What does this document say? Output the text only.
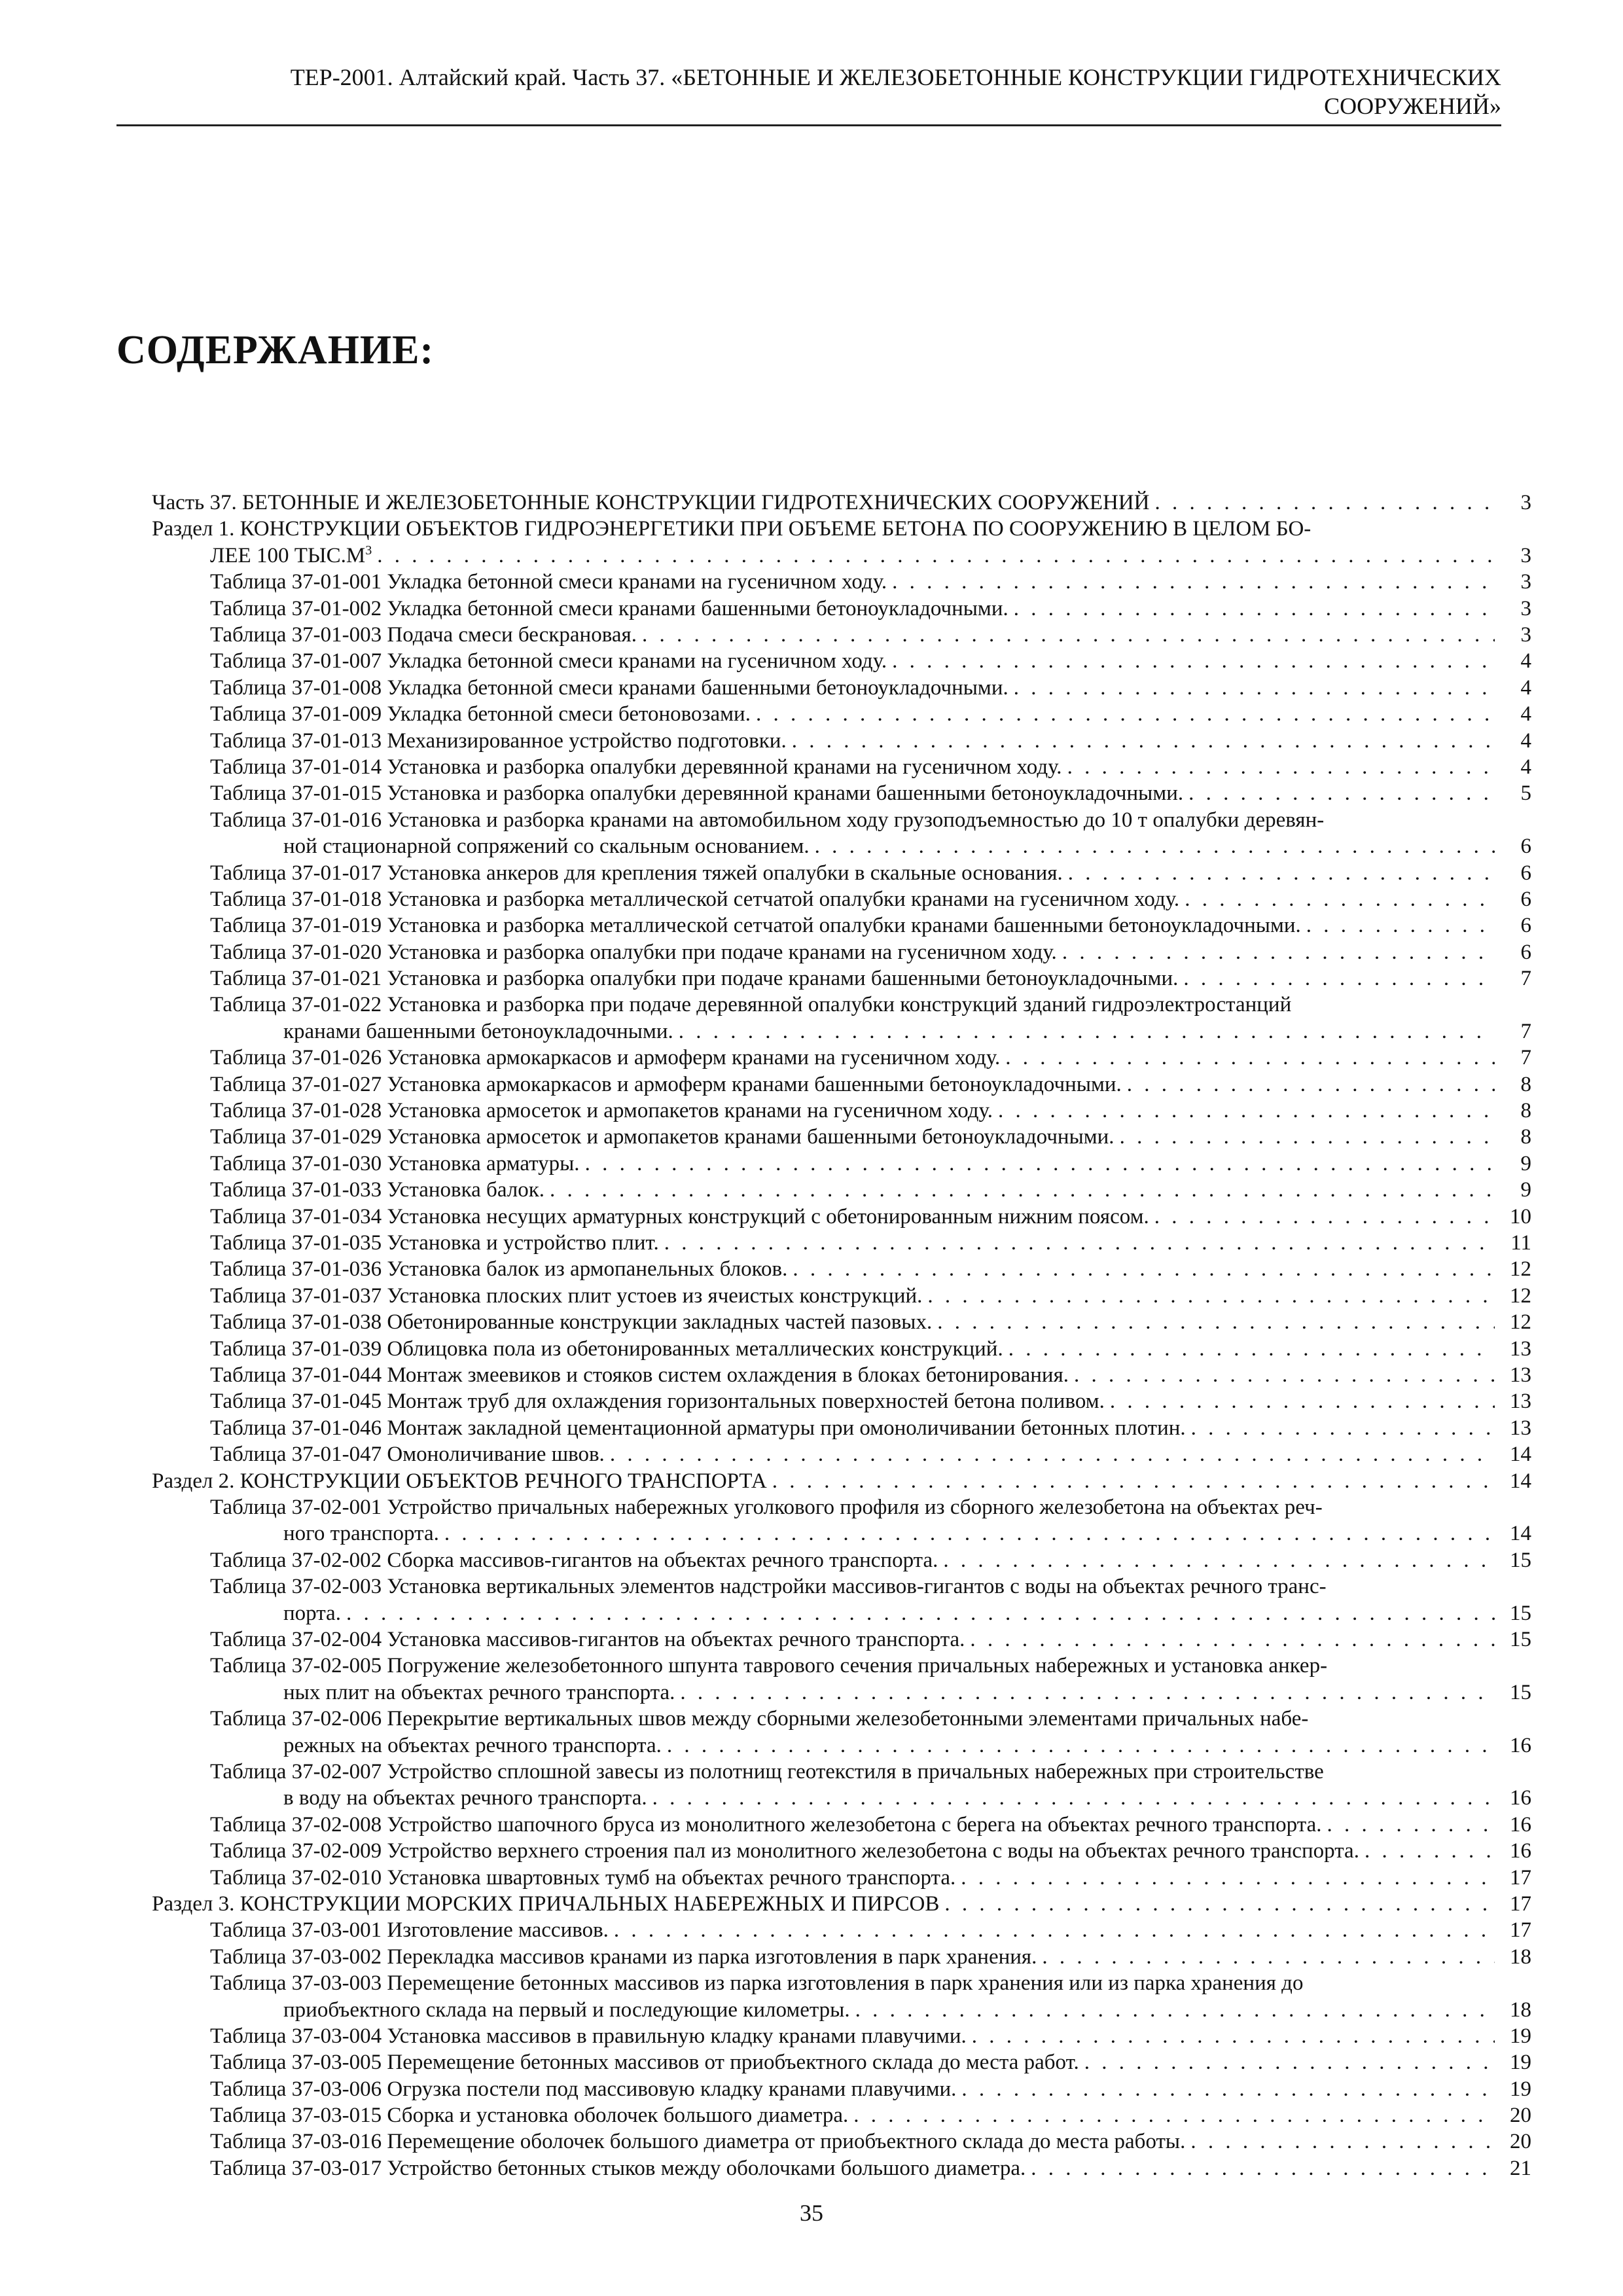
ТЕР-2001. Алтайский край. Часть 37. «БЕТОННЫЕ И ЖЕЛЕЗОБЕТОННЫЕ КОНСТРУКЦИИ ГИДРОТЕХНИЧЕСКИХ
СООРУЖЕНИЙ»
СОДЕРЖАНИЕ:
Часть 37. БЕТОННЫЕ И ЖЕЛЕЗОБЕТОННЫЕ КОНСТРУКЦИИ ГИДРОТЕХНИЧЕСКИХ СООРУЖЕНИЙ . . .	3
Раздел 1. КОНСТРУКЦИИ ОБЪЕКТОВ ГИДРОЭНЕРГЕТИКИ ПРИ ОБЪЕМЕ БЕТОНА ПО СООРУЖЕНИЮ В ЦЕЛОМ БО-
ЛЕЕ 100 $ТЫС.М^3$ . . .	3
Таблица 37-01-001 Укладка бетонной смеси кранами на гусеничном ходу. . . .	3
Таблица 37-01-002 Укладка бетонной смеси кранами башенными бетоноукладочными. . . .	3
Таблица 37-01-003 Подача смеси бескрановая. . . .	3
Таблица 37-01-007 Укладка бетонной смеси кранами на гусеничном ходу. . . .	4
Таблица 37-01-008 Укладка бетонной смеси кранами башенными бетоноукладочными. . . .	4
Таблица 37-01-009 Укладка бетонной смеси бетоновозами. . . .	4
Таблица 37-01-013 Механизированное устройство подготовки. . . .	4
Таблица 37-01-014 Установка и разборка опалубки деревянной кранами на гусеничном ходу. . . .	4
Таблица 37-01-015 Установка и разборка опалубки деревянной кранами башенными бетоноукладочными. . . .	5
Таблица 37-01-016 Установка и разборка кранами на автомобильном ходу грузоподъемностью до 10 т опалубки деревян-
ной стационарной сопряжений со скальным основанием. . . .	6
Таблица 37-01-017 Установка анкеров для крепления тяжей опалубки в скальные основания. . . .	6
Таблица 37-01-018 Установка и разборка металлической сетчатой опалубки кранами на гусеничном ходу. . . .	6
Таблица 37-01-019 Установка и разборка металлической сетчатой опалубки кранами башенными бетоноукладочными. . . .	6
Таблица 37-01-020 Установка и разборка опалубки при подаче кранами на гусеничном ходу. . . .	6
Таблица 37-01-021 Установка и разборка опалубки при подаче кранами башенными бетоноукладочными. . . .	7
Таблица 37-01-022 Установка и разборка при подаче деревянной опалубки конструкций зданий гидроэлектростанций
кранами башенными бетоноукладочными. . . .	7
Таблица 37-01-026 Установка армокаркасов и армоферм кранами на гусеничном ходу. . . .	7
Таблица 37-01-027 Установка армокаркасов и армоферм кранами башенными бетоноукладочными. . . .	8
Таблица 37-01-028 Установка армосеток и армопакетов кранами на гусеничном ходу. . . .	8
Таблица 37-01-029 Установка армосеток и армопакетов кранами башенными бетоноукладочными. . . .	8
Таблица 37-01-030 Установка арматуры. . . .	9
Таблица 37-01-033 Установка балок. . . .	9
Таблица 37-01-034 Установка несущих арматурных конструкций с обетонированным нижним поясом. . . .	10
Таблица 37-01-035 Установка и устройство плит. . . .	11
Таблица 37-01-036 Установка балок из армопанельных блоков. . . .	12
Таблица 37-01-037 Установка плоских плит устоев из ячеистых конструкций. . . .	12
Таблица 37-01-038 Обетонированные конструкции закладных частей пазовых. . . .	12
Таблица 37-01-039 Облицовка пола из обетонированных металлических конструкций. . . .	13
Таблица 37-01-044 Монтаж змеевиков и стояков систем охлаждения в блоках бетонирования. . . .	13
Таблица 37-01-045 Монтаж труб для охлаждения горизонтальных поверхностей бетона поливом. . . .	13
Таблица 37-01-046 Монтаж закладной цементационной арматуры при омоноличивании бетонных плотин. . . .	13
Таблица 37-01-047 Омоноличивание швов. . . .	14
Раздел 2. КОНСТРУКЦИИ ОБЪЕКТОВ РЕЧНОГО ТРАНСПОРТА . . .	14
Таблица 37-02-001 Устройство причальных набережных уголкового профиля из сборного железобетона на объектах реч-
ного транспорта. . . .	14
Таблица 37-02-002 Сборка массивов-гигантов на объектах речного транспорта. . . .	15
Таблица 37-02-003 Установка вертикальных элементов надстройки массивов-гигантов с воды на объектах речного транс-
порта. . . .	15
Таблица 37-02-004 Установка массивов-гигантов на объектах речного транспорта. . . .	15
Таблица 37-02-005 Погружение железобетонного шпунта таврового сечения причальных набережных и установка анкер-
ных плит на объектах речного транспорта. . . .	15
Таблица 37-02-006 Перекрытие вертикальных швов между сборными железобетонными элементами причальных набе-
режных на объектах речного транспорта. . . .	16
Таблица 37-02-007 Устройство сплошной завесы из полотнищ геотекстиля в причальных набережных при строительстве
в воду на объектах речного транспорта. . . .	16
Таблица 37-02-008 Устройство шапочного бруса из монолитного железобетона с берега на объектах речного транспорта. . . .	16
Таблица 37-02-009 Устройство верхнего строения пал из монолитного железобетона с воды на объектах речного транспорта. . . .	16
Таблица 37-02-010 Установка швартовных тумб на объектах речного транспорта. . . .	17
Раздел 3. КОНСТРУКЦИИ МОРСКИХ ПРИЧАЛЬНЫХ НАБЕРЕЖНЫХ И ПИРСОВ . . .	17
Таблица 37-03-001 Изготовление массивов. . . .	17
Таблица 37-03-002 Перекладка массивов кранами из парка изготовления в парк хранения. . . .	18
Таблица 37-03-003 Перемещение бетонных массивов из парка изготовления в парк хранения или из парка хранения до
приобъектного склада на первый и последующие километры. . . .	18
Таблица 37-03-004 Установка массивов в правильную кладку кранами плавучими. . . .	19
Таблица 37-03-005 Перемещение бетонных массивов от приобъектного склада до места работ. . . .	19
Таблица 37-03-006 Огрузка постели под массивовую кладку кранами плавучими. . . .	19
Таблица 37-03-015 Сборка и установка оболочек большого диаметра. . . .	20
Таблица 37-03-016 Перемещение оболочек большого диаметра от приобъектного склада до места работы. . . .	20
Таблица 37-03-017 Устройство бетонных стыков между оболочками большого диаметра. . . .	21
35
